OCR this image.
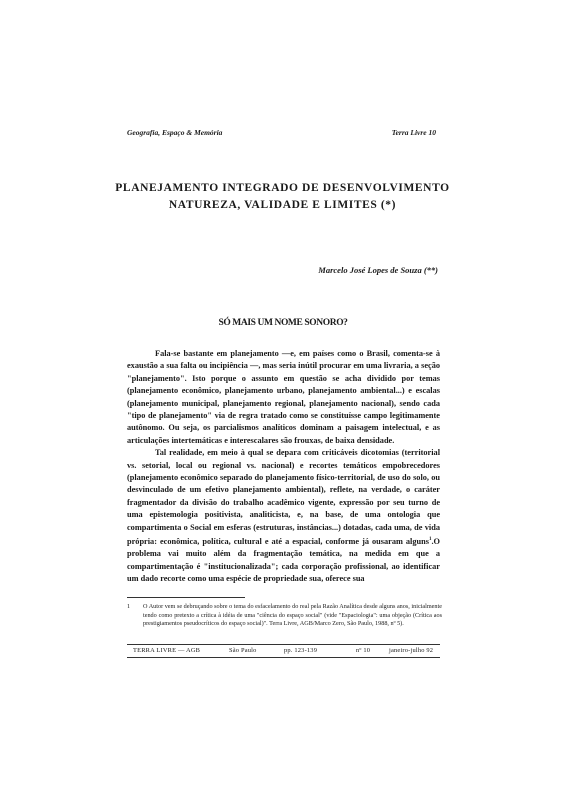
Geografia, Espaço & Memória	Terra Livre 10
PLANEJAMENTO INTEGRADO DE DESENVOLVIMENTO
NATUREZA, VALIDADE E LIMITES (*)
Marcelo José Lopes de Souza (**)
SÓ MAIS UM NOME SONORO?

Fala-se bastante em planejamento —e, em países como o Brasil, comenta-se à exaustão a sua falta ou incipiência —, mas seria inútil procurar em uma livraria, a seção "planejamento". Isto porque o assunto em questão se acha dividido por temas (planejamento econômico, planejamento urbano, planejamento ambiental...) e escalas (planejamento municipal, planejamento regional, planejamento nacional), sendo cada "tipo de planejamento" via de regra tratado como se constituísse campo legitimamente autônomo. Ou seja, os parcialismos analíticos dominam a paisagem intelectual, e as articulações intertemáticas e interescalares são frouxas, de baixa densidade.

Tal realidade, em meio à qual se depara com criticáveis dicotomias (territorial vs. setorial, local ou regional vs. nacional) e recortes temáticos empobrecedores (planejamento econômico separado do planejamento físico-territorial, de uso do solo, ou desvinculado de um efetivo planejamento ambiental), reflete, na verdade, o caráter fragmentador da divisão do trabalho acadêmico vigente, expressão por seu turno de uma epistemologia positivista, analiticista, e, na base, de uma ontologia que compartimenta o Social em esferas (estruturas, instâncias...) dotadas, cada uma, de vida própria: econômica, política, cultural e até a espacial, conforme já ousaram alguns$^1$.O problema vai muito além da fragmentação temática, na medida em que a compartimentação é "institucionalizada"; cada corporação profissional, ao identificar um dado recorte como uma espécie de propriedade sua, oferece sua

1 O Autor vem se debruçando sobre o tema do esfacelamento do real pela Razão Analítica desde alguns anos, inicialmente tendo como pretexto a crítica à idéia de uma "ciência do espaço social" (vide "Espaciologia": uma objeção (Crítica aos prestigiamentos pseudocríticos do espaço social)". Terra Livre, AGB/Marco Zero, São Paulo, 1988, nº 5).
TERRA LIVRE — AGB	São Paulo	pp. 123-139	nº 10	janeiro-julho 92
